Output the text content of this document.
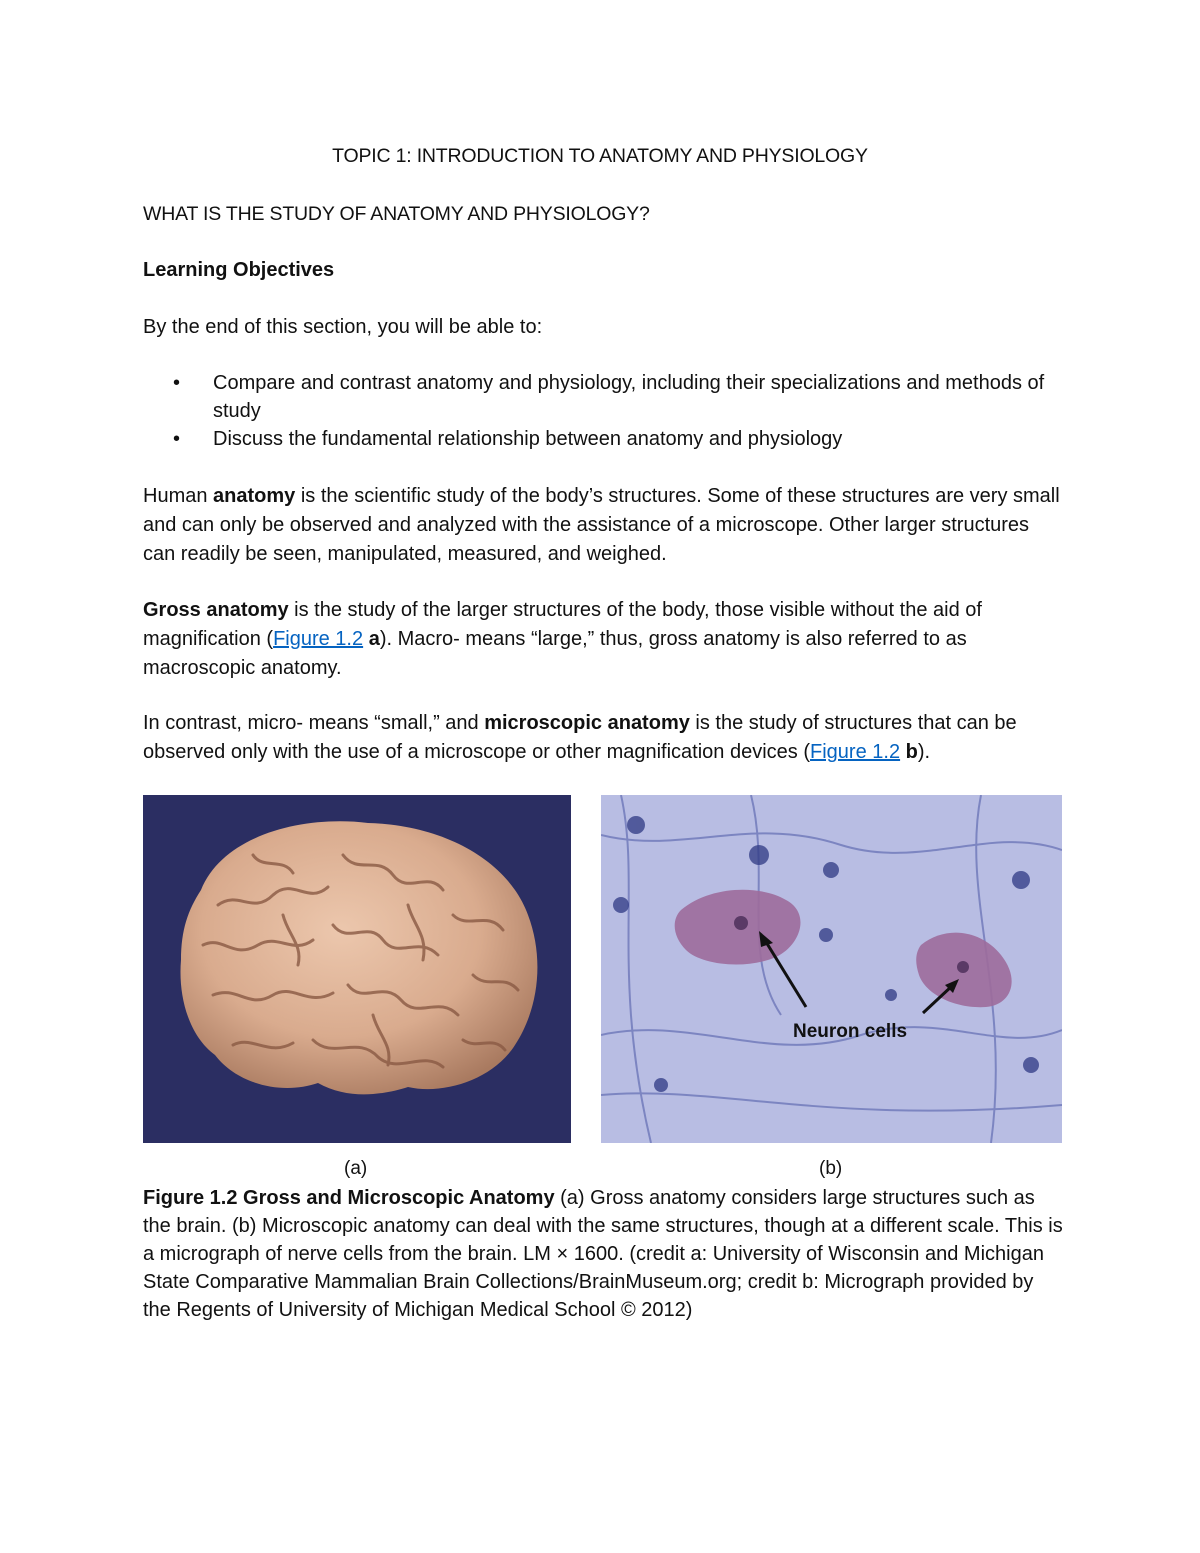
TOPIC 1: INTRODUCTION TO ANATOMY AND PHYSIOLOGY
WHAT IS THE STUDY OF ANATOMY AND PHYSIOLOGY?
Learning Objectives
By the end of this section, you will be able to:
• Compare and contrast anatomy and physiology, including their specializations and methods of study
• Discuss the fundamental relationship between anatomy and physiology
Human anatomy is the scientific study of the body’s structures. Some of these structures are very small and can only be observed and analyzed with the assistance of a microscope. Other larger structures can readily be seen, manipulated, measured, and weighed.
Gross anatomy is the study of the larger structures of the body, those visible without the aid of magnification (Figure 1.2 a). Macro- means “large,” thus, gross anatomy is also referred to as macroscopic anatomy.
In contrast, micro- means “small,” and microscopic anatomy is the study of structures that can be observed only with the use of a microscope or other magnification devices (Figure 1.2 b).
Neuron cells
(a)	(b)
Figure 1.2 Gross and Microscopic Anatomy (a) Gross anatomy considers large structures such as the brain. (b) Microscopic anatomy can deal with the same structures, though at a different scale. This is a micrograph of nerve cells from the brain. LM × 1600. (credit a: University of Wisconsin and Michigan State Comparative Mammalian Brain Collections/BrainMuseum.org; credit b: Micrograph provided by the Regents of University of Michigan Medical School © 2012)
